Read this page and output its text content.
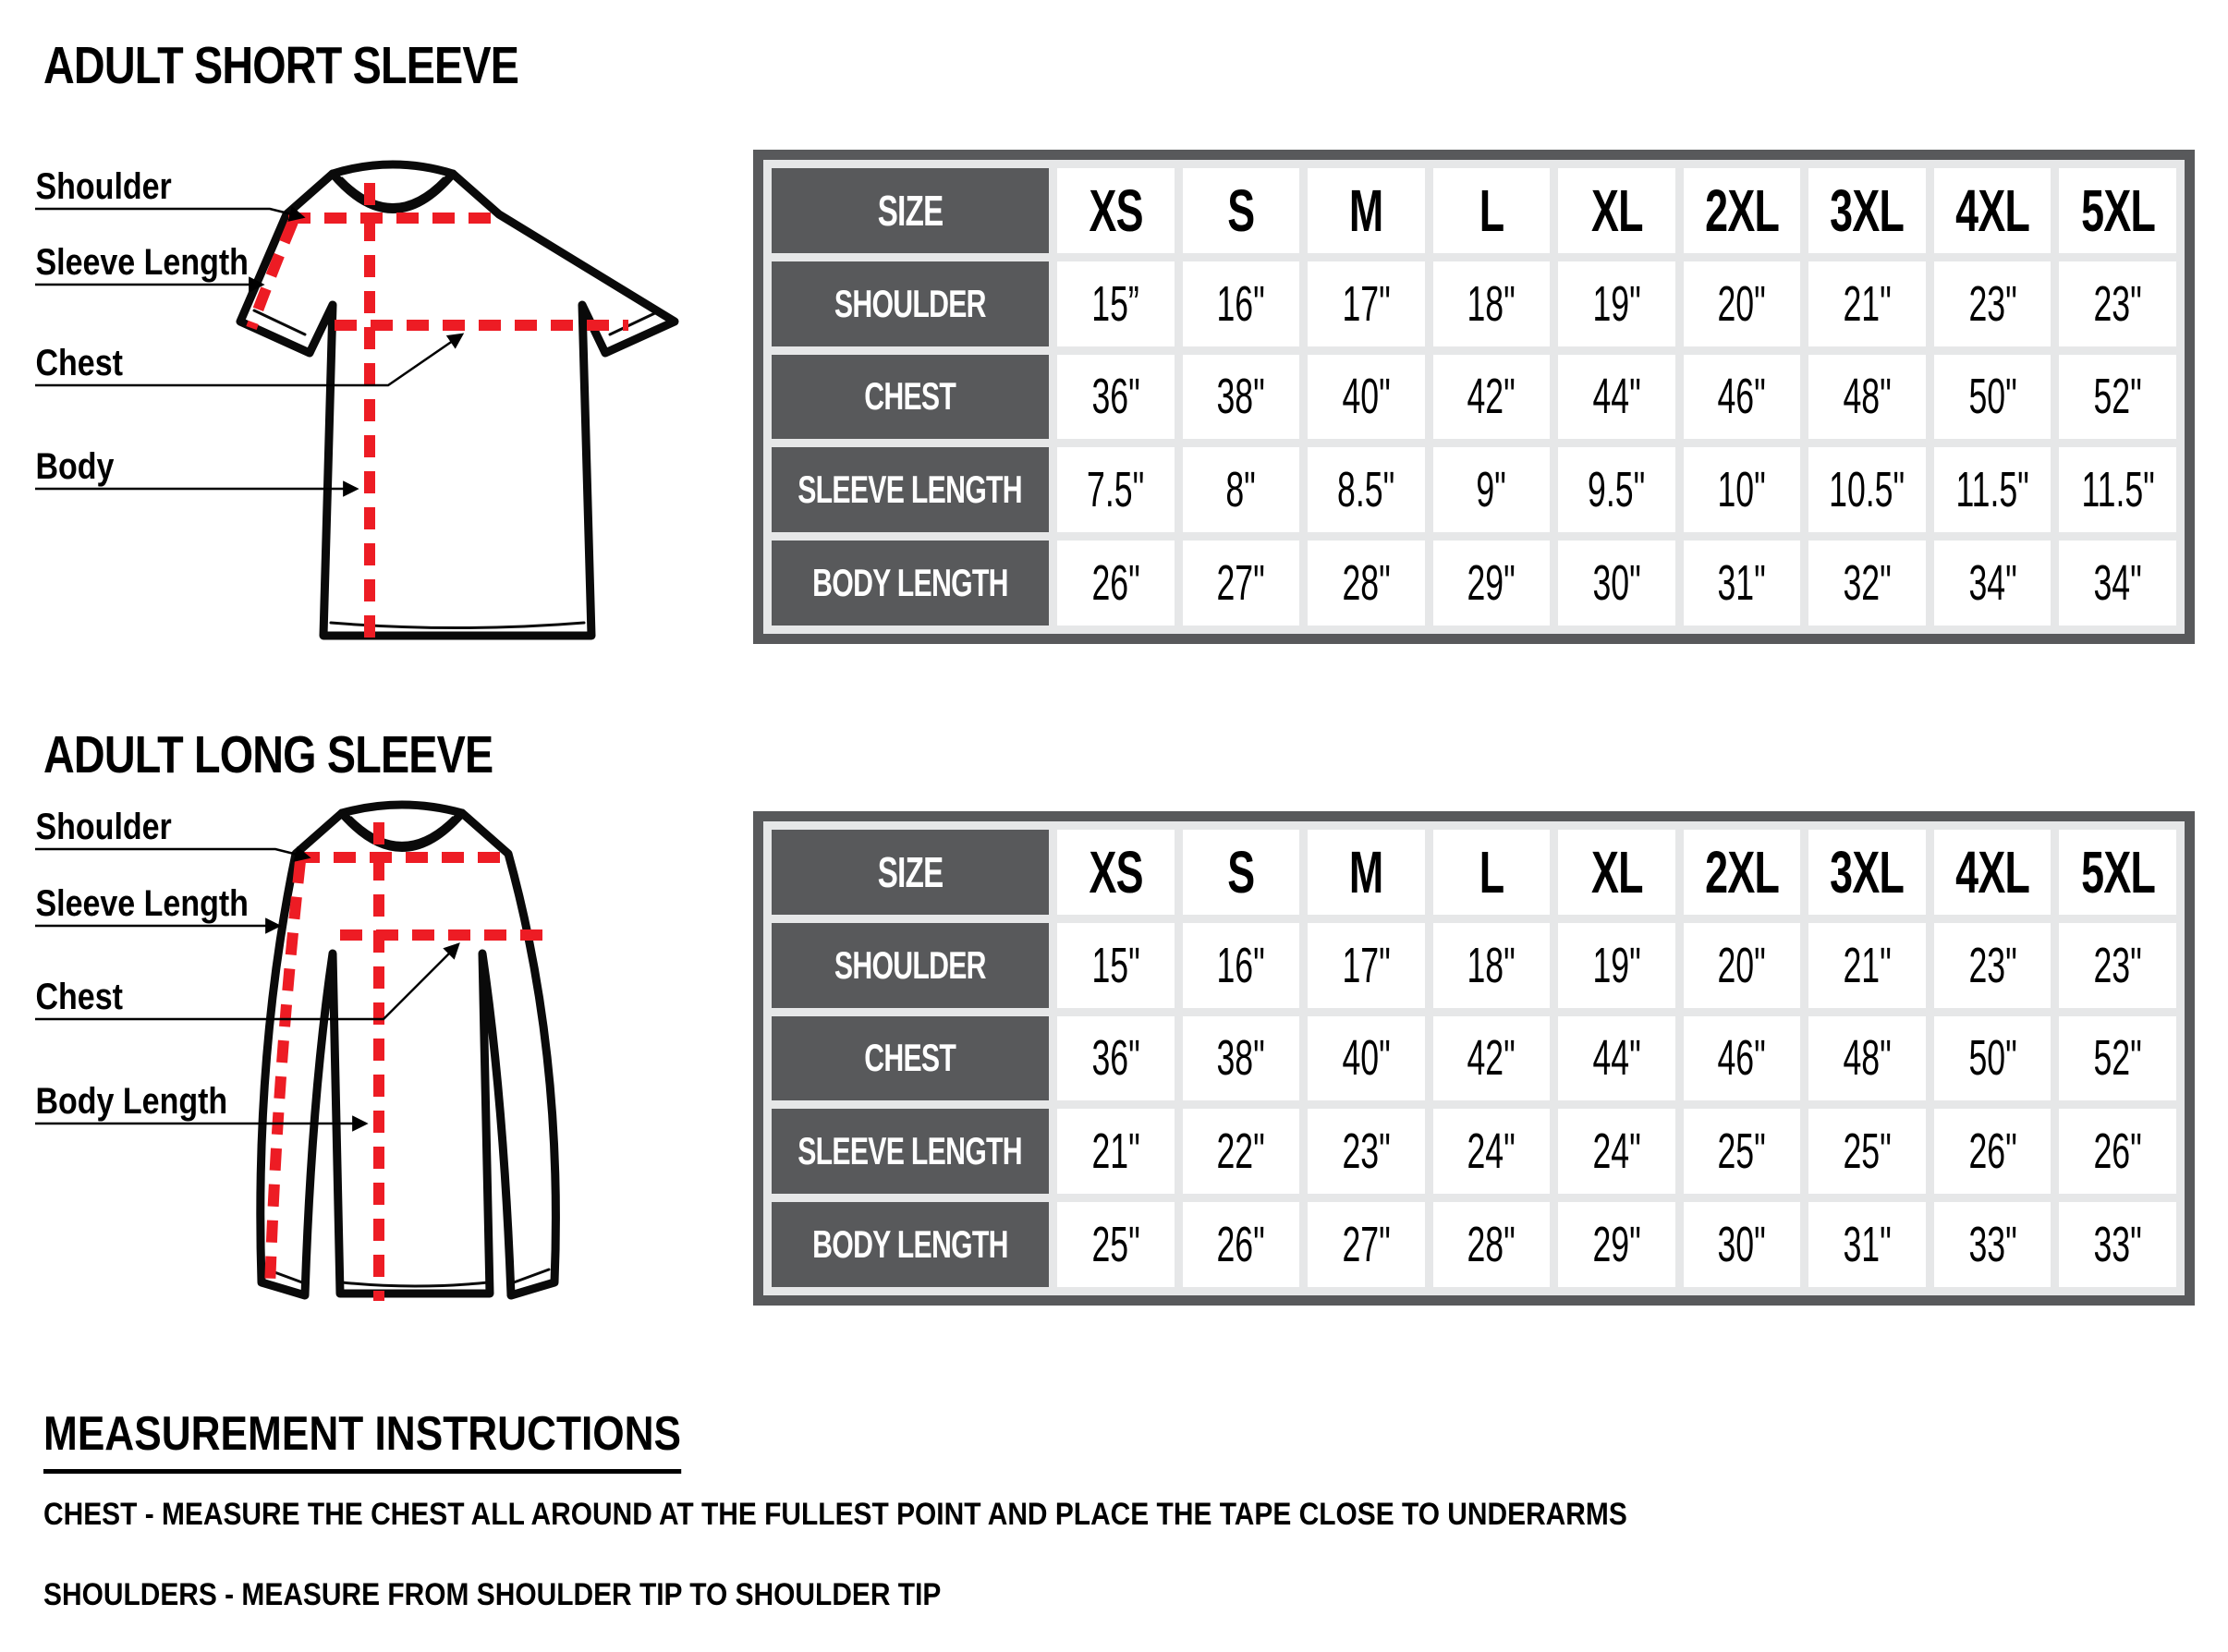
ADULT SHORT SLEEVE
Shoulder
Sleeve Length
Chest
Body
SIZE XS S M L XL 2XL 3XL 4XL 5XL
SHOULDER 15” 16" 17" 18" 19" 20" 21" 23" 23"
CHEST	36" 38" 40" 42" 44" 46" 48" 50" 52"
SLEEVE LENGTH 7.5" 8" 8.5" 9" 9.5" 10" 10.5" 11.5" 11.5"
BODY LENGTH 26" 27" 28" 29" 30" 31" 32" 34" 34"
ADULT LONG SLEEVE
Shoulder
Sleeve Length
Chest
Body Length
SIZE XS S M L XL 2XL 3XL 4XL 5XL
SHOULDER 15" 16" 17" 18" 19" 20" 21" 23" 23"
CHEST	36" 38" 40" 42" 44" 46" 48" 50" 52"
SLEEVE LENGTH 21" 22" 23" 24" 24" 25" 25" 26" 26"
BODY LENGTH 25" 26" 27" 28" 29" 30" 31" 33" 33"
MEASUREMENT INSTRUCTIONS
CHEST - MEASURE THE CHEST ALL AROUND AT THE FULLEST POINT AND PLACE THE TAPE CLOSE TO UNDERARMS
SHOULDERS - MEASURE FROM SHOULDER TIP TO SHOULDER TIP
